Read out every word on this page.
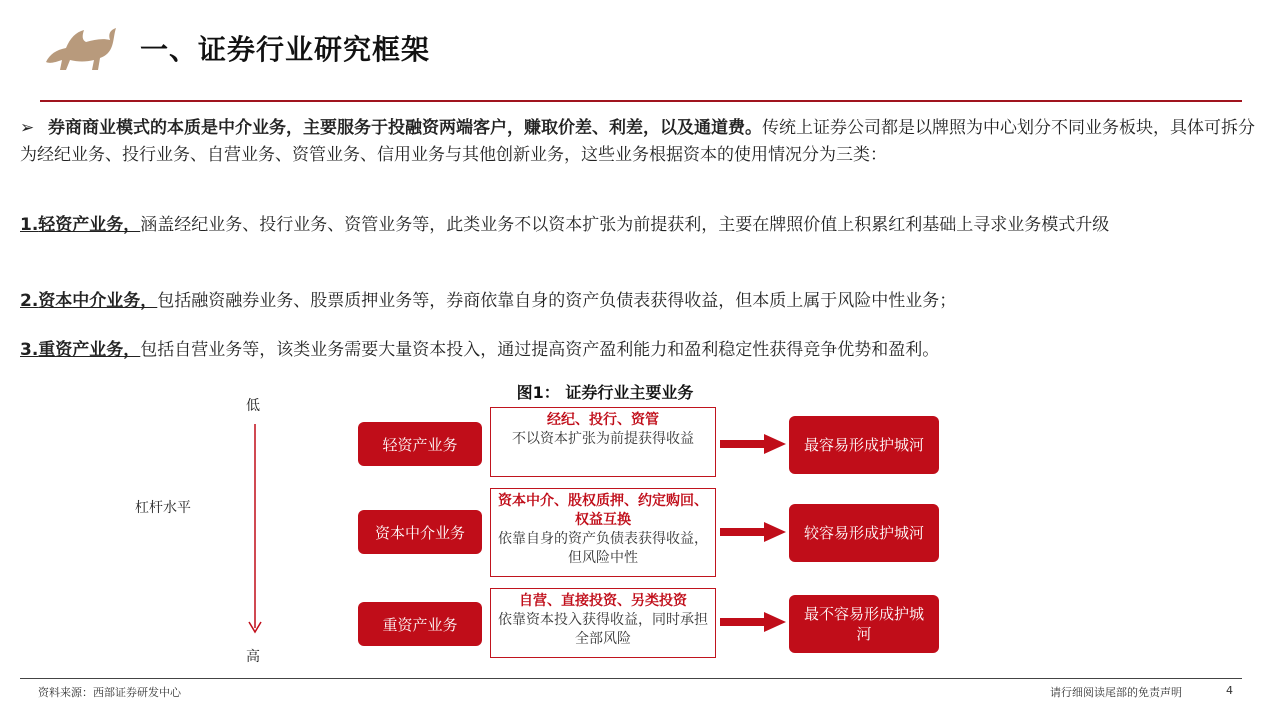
一、证券行业研究框架
➢ 券商商业模式的本质是中介业务，主要服务于投融资两端客户，赚取价差、利差，以及通道费。传统上证券公司都是以牌照为中心划分不同业务板块，具体可拆分为经纪业务、投行业务、自营业务、资管业务、信用业务与其他创新业务，这些业务根据资本的使用情况分为三类：
1.轻资产业务，涵盖经纪业务、投行业务、资管业务等，此类业务不以资本扩张为前提获利，主要在牌照价值上积累红利基础上寻求业务模式升级
2.资本中介业务，包括融资融券业务、股票质押业务等，券商依靠自身的资产负债表获得收益，但本质上属于风险中性业务；
3.重资产业务，包括自营业务等，该类业务需要大量资本投入，通过提高资产盈利能力和盈利稳定性获得竞争优势和盈利。
图1： 证券行业主要业务
低
高
杠杆水平
轻资产业务
经纪、投行、资管
不以资本扩张为前提获得收益	最容易形成护城河
资本中介业务
资本中介、股权质押、约定购回、权益互换
依靠自身的资产负债表获得收益，但风险中性
较容易形成护城河
重资产业务
自营、直接投资、另类投资
依靠资本投入获得收益，同时承担全部风险
最不容易形成护城河
资料来源：西部证券研发中心	请行细阅读尾部的免责声明	4
